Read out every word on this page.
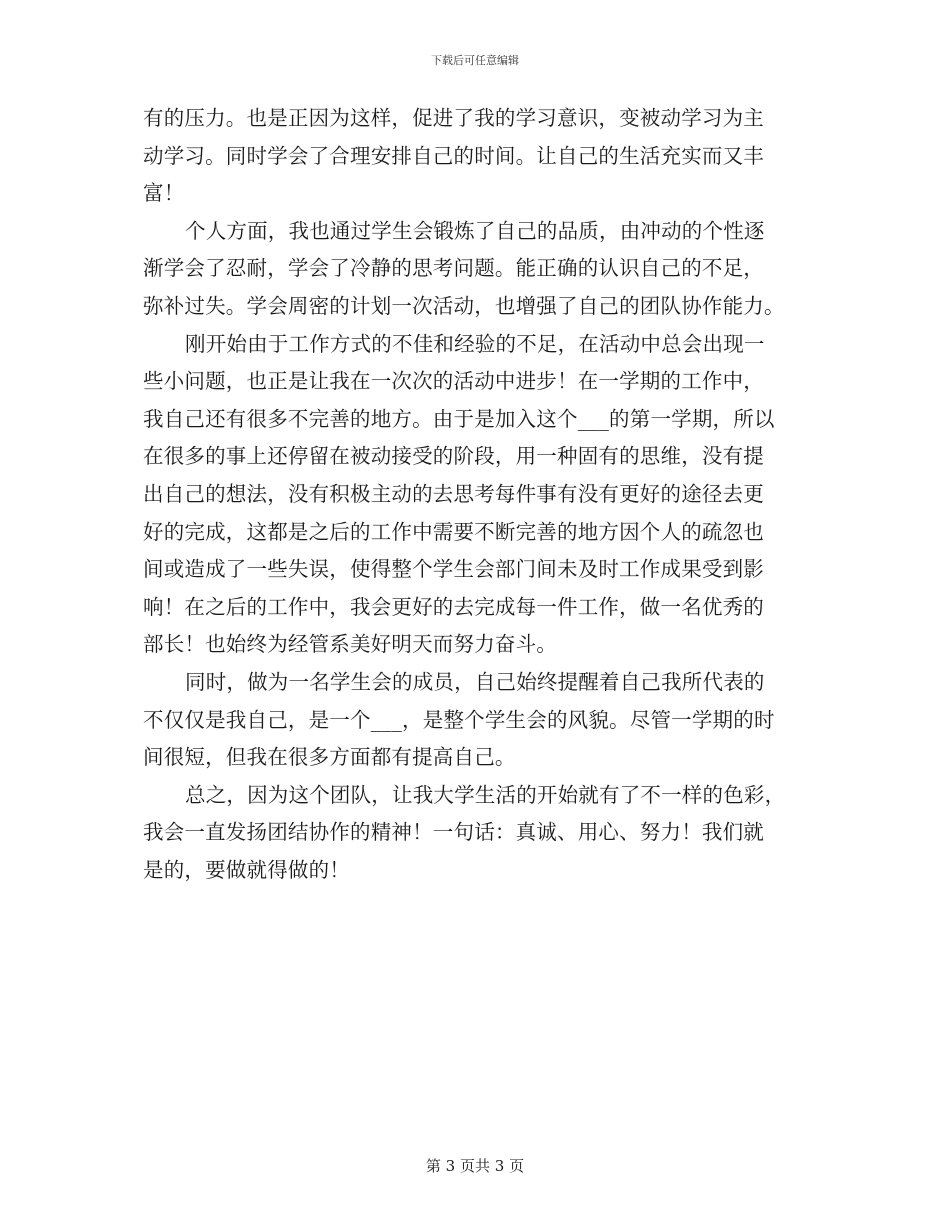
下载后可任意编辑

有的压力。也是正因为这样，促进了我的学习意识，变被动学习为主
动学习。同时学会了合理安排自己的时间。让自己的生活充实而又丰
富！

个人方面，我也通过学生会锻炼了自己的品质，由冲动的个性逐
渐学会了忍耐，学会了冷静的思考问题。能正确的认识自己的不足，
弥补过失。学会周密的计划一次活动，也增强了自己的团队协作能力。

刚开始由于工作方式的不佳和经验的不足，在活动中总会出现一
些小问题，也正是让我在一次次的活动中进步！在一学期的工作中，
我自己还有很多不完善的地方。由于是加入这个___的第一学期，所以
在很多的事上还停留在被动接受的阶段，用一种固有的思维，没有提
出自己的想法，没有积极主动的去思考每件事有没有更好的途径去更
好的完成，这都是之后的工作中需要不断完善的地方因个人的疏忽也
间或造成了一些失误，使得整个学生会部门间未及时工作成果受到影
响！在之后的工作中，我会更好的去完成每一件工作，做一名优秀的
部长！也始终为经管系美好明天而努力奋斗。

同时，做为一名学生会的成员，自己始终提醒着自己我所代表的
不仅仅是我自己，是一个___，是整个学生会的风貌。尽管一学期的时
间很短，但我在很多方面都有提高自己。

总之，因为这个团队，让我大学生活的开始就有了不一样的色彩，
我会一直发扬团结协作的精神！一句话：真诚、用心、努力！我们就
是的，要做就得做的！

第 3 页共 3 页
